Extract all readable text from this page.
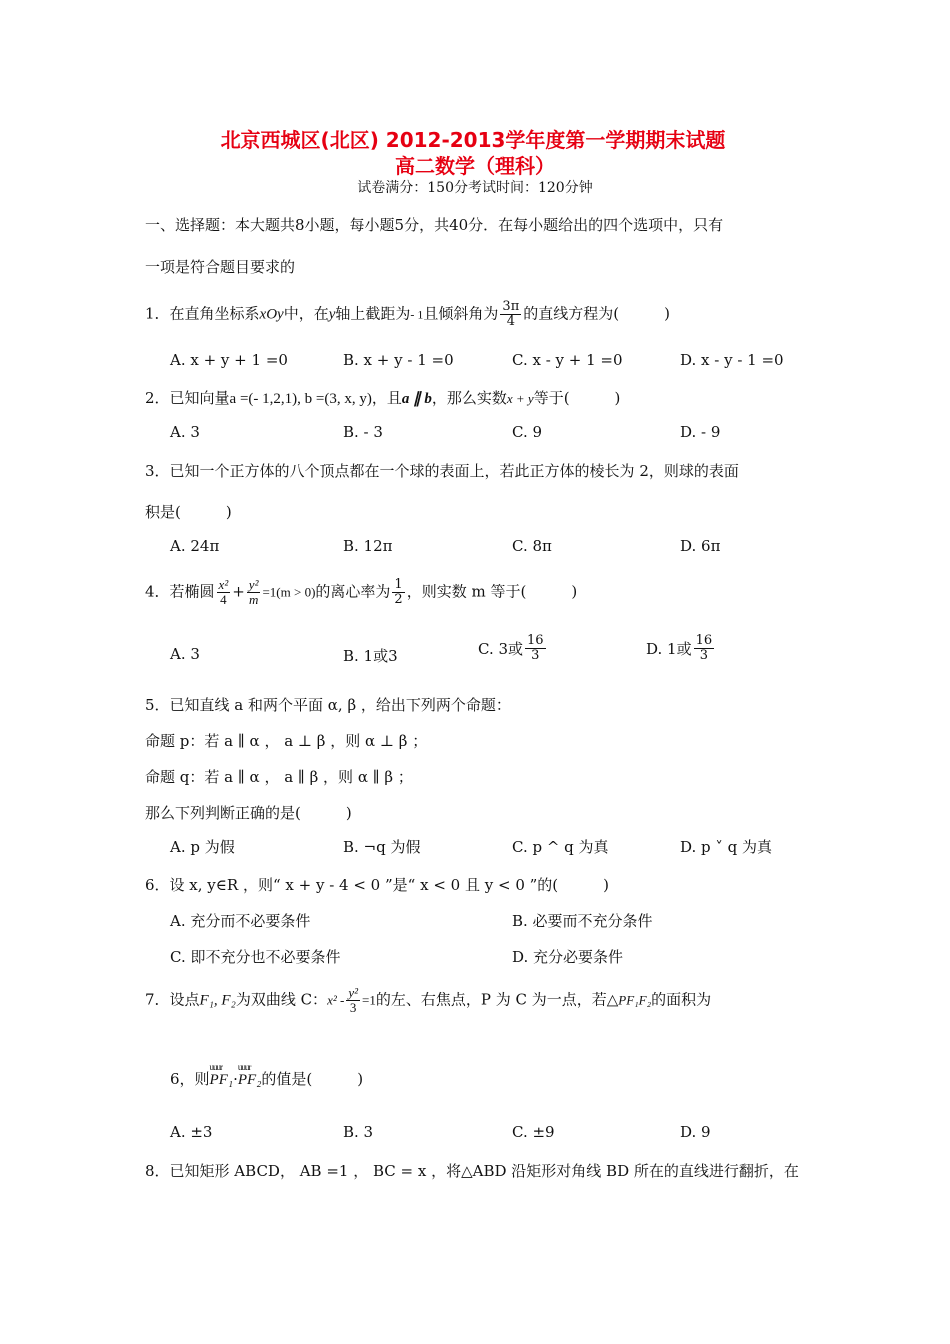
北京西城区(北区) 2012-2013学年度第一学期期末试题
高二数学（理科）
试卷满分：150分考试时间：120分钟
一、选择题：本大题共8小题，每小题5分，共40分．在每小题给出的四个选项中，只有
一项是符合题目要求的
1．在直角坐标系xOy中，在y轴上截距为- 1且倾斜角为 $\frac{3\pi}{4}$ 的直线方程为(　　　)
A. x + y + 1 =0	B. x + y - 1 =0	C. x - y + 1 =0	D. x - y - 1 =0
2．已知向量a =(- 1,2,1), b =(3, x, y)，且a ∥ b，那么实数x + y等于(　　　)
A. 3	B. - 3	C. 9	D. - 9
3．已知一个正方体的八个顶点都在一个球的表面上，若此正方体的棱长为 2，则球的表面
积是(　　　)
A. 24π	B. 12π	C. 8π	D. 6π
4．若椭圆 $\frac{\text{x²}}{4} + \frac{\text{y²}}{m} =1(m > 0)$的离心率为 $\frac{1}{2}$ ，则实数 m 等于(　　　)
A. 3	B. 1或3	C. 3或 $\frac{16}{3}$	D. 1或 $\frac{16}{3}$
5．已知直线 a 和两个平面 α, β ，给出下列两个命题：
命题 p：若 a ∥ α ， a ⊥ β ，则 α ⊥ β ；
命题 q：若 a ∥ α ， a ∥ β ，则 α ∥ β ；
那么下列判断正确的是(　　　)
A. p 为假	B. ¬q 为假	C. p ^ q 为真	D. p ˅ q 为真
6．设 x, y∈R ，则“ x + y - 4 < 0 ”是“ x < 0 且 y < 0 ”的(　　　)
A. 充分而不必要条件	B. 必要而不充分条件
C. 即不充分也不必要条件	D. 充分必要条件
7．设点F₁, F₂为双曲线 C：$x^2 - \frac{\text{y²}}{3} =1$的左、右焦点，P 为 C 为一点，若△PF₁F₂的面积为
6，则
uuur
PF₁·
uuur
PF₂的值是(　　　)
A. ±3	B. 3	C. ±9	D. 9
8．已知矩形 ABCD， AB =1 ， BC = x ，将△ABD 沿矩形对角线 BD 所在的直线进行翻折，在
